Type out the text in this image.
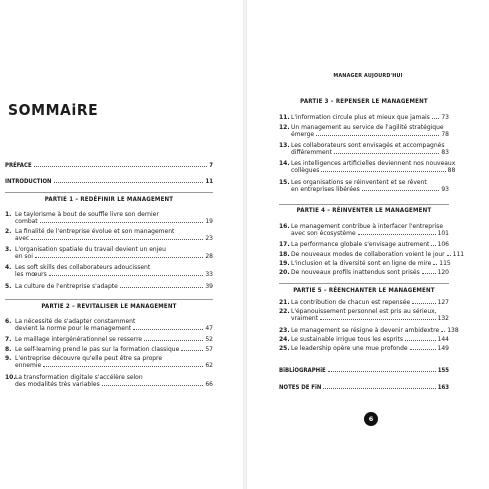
SOMMAiRE
PRÉFACE	7
INTRODUCTION	11
PARTIE 1 – REDÉFINIR LE MANAGEMENT
1. Le taylorisme à bout de souffle livre son dernier
combat	19
2. La finalité de l'entreprise évolue et son management
avec	23
3. L'organisation spatiale du travail devient un enjeu
en soi	28
4. Les soft skills des collaborateurs adoucissent
les mœurs	33
5. La culture de l'entreprise s'adapte	39
PARTIE 2 – REVITALISER LE MANAGEMENT
6. La nécessité de s'adapter constamment
devient la norme pour le management	47
7. Le maillage intergénérationnel se resserre	52
8. Le self-learning prend le pas sur la formation classique	57
9. L'entreprise découvre qu'elle peut être sa propre
ennemie	62
10. La transformation digitale s'accélère selon
des modalités très variables	66
MANAGER AUJOURD'HUI
PARTIE 3 – REPENSER LE MANAGEMENT
11. L'information circule plus et mieux que jamais 73
12. Un management au service de l'agilité stratégique
émerge	78
13. Les collaborateurs sont envisagés et accompagnés
différemment	83
14. Les intelligences artificielles deviennent nos nouveaux
collègues	88
15. Les organisations se réinventent et se rêvent
en entreprises libérées	93
PARTIE 4 – RÉINVENTER LE MANAGEMENT
16. Le management contribue à interfacer l'entreprise
avec son écosystème	101
17. La performance globale s'envisage autrement 106
18. De nouveaux modes de collaboration voient le jour 111
19. L'inclusion et la diversité sont en ligne de mire 115
20. De nouveaux profils inattendus sont prisés	120
PARTIE 5 – RÉENCHANTER LE MANAGEMENT
21. La contribution de chacun est repensée	127
22. L'épanouissement personnel est pris au sérieux,
vraiment	132
23. Le management se résigne à devenir ambidextre 138
24. Le sustainable irrigue tous les esprits	144
25. Le leadership opère une mue profonde	149
BiBLiOGRAPHiE	155
NOTES DE FiN	163
6
